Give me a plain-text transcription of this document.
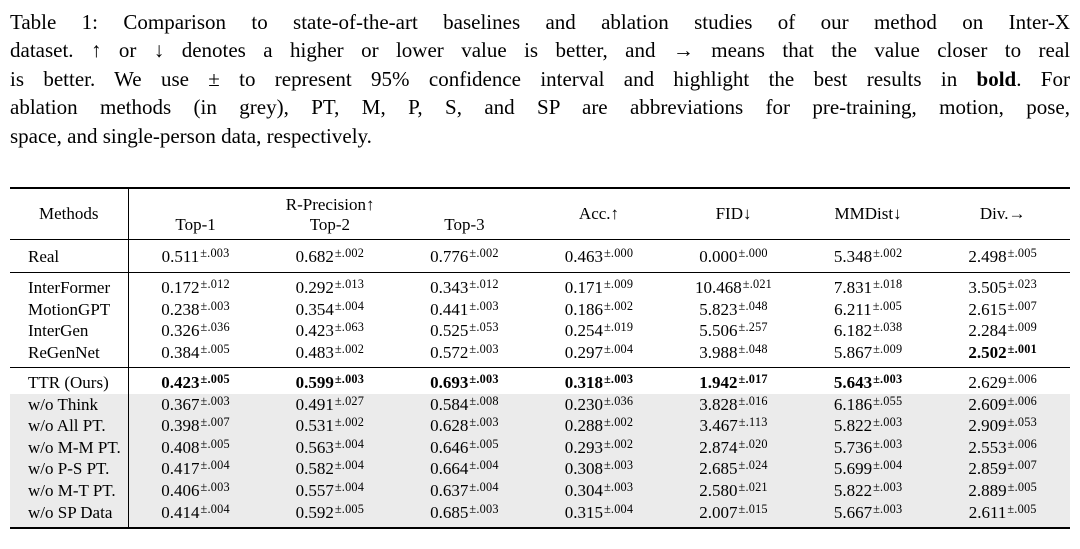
Table 1: Comparison to state-of-the-art baselines and ablation studies of our method on Inter-X
dataset. ↑ or ↓ denotes a higher or lower value is better, and → means that the value closer to real
is better. We use ± to represent 95% confidence interval and highlight the best results in bold. For
ablation methods (in grey), PT, M, P, S, and SP are abbreviations for pre-training, motion, pose,
space, and single-person data, respectively.
Methods	R-Precision↑			Acc.↑	FID↓	MMDist↓	Div.→
	Top-1	Top-2	Top-3				
Real	$0.511^{\pm.003}$	$0.682^{\pm.002}$	$0.776^{\pm.002}$	$0.463^{\pm.000}$	$0.000^{\pm.000}$	$5.348^{\pm.002}$	$2.498^{\pm.005}$
InterFormer	$0.172^{\pm.012}$	$0.292^{\pm.013}$	$0.343^{\pm.012}$	$0.171^{\pm.009}$	$10.468^{\pm.021}$	$7.831^{\pm.018}$	$3.505^{\pm.023}$
MotionGPT	$0.238^{\pm.003}$	$0.354^{\pm.004}$	$0.441^{\pm.003}$	$0.186^{\pm.002}$	$5.823^{\pm.048}$	$6.211^{\pm.005}$	$2.615^{\pm.007}$
InterGen	$0.326^{\pm.036}$	$0.423^{\pm.063}$	$0.525^{\pm.053}$	$0.254^{\pm.019}$	$5.506^{\pm.257}$	$6.182^{\pm.038}$	$2.284^{\pm.009}$
ReGenNet	$0.384^{\pm.005}$	$0.483^{\pm.002}$	$0.572^{\pm.003}$	$0.297^{\pm.004}$	$3.988^{\pm.048}$	$5.867^{\pm.009}$	$2.502^{\pm.001}$
TTR (Ours)	$0.423^{\pm.005}$	$0.599^{\pm.003}$	$0.693^{\pm.003}$	$0.318^{\pm.003}$	$1.942^{\pm.017}$	$5.643^{\pm.003}$	$2.629^{\pm.006}$
w/o Think	$0.367^{\pm.003}$	$0.491^{\pm.027}$	$0.584^{\pm.008}$	$0.230^{\pm.036}$	$3.828^{\pm.016}$	$6.186^{\pm.055}$	$2.609^{\pm.006}$
w/o All PT.	$0.398^{\pm.007}$	$0.531^{\pm.002}$	$0.628^{\pm.003}$	$0.288^{\pm.002}$	$3.467^{\pm.113}$	$5.822^{\pm.003}$	$2.909^{\pm.053}$
w/o M-M PT.	$0.408^{\pm.005}$	$0.563^{\pm.004}$	$0.646^{\pm.005}$	$0.293^{\pm.002}$	$2.874^{\pm.020}$	$5.736^{\pm.003}$	$2.553^{\pm.006}$
w/o P-S PT.	$0.417^{\pm.004}$	$0.582^{\pm.004}$	$0.664^{\pm.004}$	$0.308^{\pm.003}$	$2.685^{\pm.024}$	$5.699^{\pm.004}$	$2.859^{\pm.007}$
w/o M-T PT.	$0.406^{\pm.003}$	$0.557^{\pm.004}$	$0.637^{\pm.004}$	$0.304^{\pm.003}$	$2.580^{\pm.021}$	$5.822^{\pm.003}$	$2.889^{\pm.005}$
w/o SP Data	$0.414^{\pm.004}$	$0.592^{\pm.005}$	$0.685^{\pm.003}$	$0.315^{\pm.004}$	$2.007^{\pm.015}$	$5.667^{\pm.003}$	$2.611^{\pm.005}$
